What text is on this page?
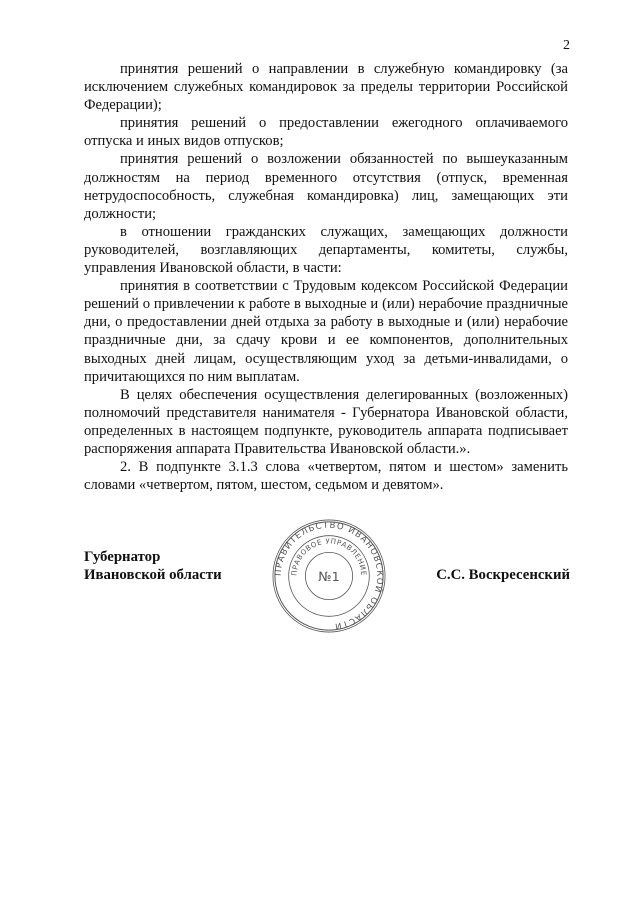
2

принятия решений о направлении в служебную командировку (за исключением служебных командировок за пределы территории Российской Федерации);

принятия решений о предоставлении ежегодного оплачиваемого отпуска и иных видов отпусков;

принятия решений о возложении обязанностей по вышеуказанным должностям на период временного отсутствия (отпуск, временная нетрудоспособность, служебная командировка) лиц, замещающих эти должности;

в отношении гражданских служащих, замещающих должности руководителей, возглавляющих департаменты, комитеты, службы, управления Ивановской области, в части:

принятия в соответствии с Трудовым кодексом Российской Федерации решений о привлечении к работе в выходные и (или) нерабочие праздничные дни, о предоставлении дней отдыха за работу в выходные и (или) нерабочие праздничные дни, за сдачу крови и ее компонентов, дополнительных выходных дней лицам, осуществляющим уход за детьми-инвалидами, о причитающихся по ним выплатам.

В целях обеспечения осуществления делегированных (возложенных) полномочий представителя нанимателя - Губернатора Ивановской области, определенных в настоящем подпункте, руководитель аппарата подписывает распоряжения аппарата Правительства Ивановской области.».

2. В подпункте 3.1.3 слова «четвертом, пятом и шестом» заменить словами «четвертом, пятом, шестом, седьмом и девятом».

Губернатор
Ивановской области	С.С. Воскресенский
ПРАВИТЕЛЬСТВО ИВАНОВСКОЙ ОБЛАСТИ
ПРАВОВОЕ УПРАВЛЕНИЕ
№1
